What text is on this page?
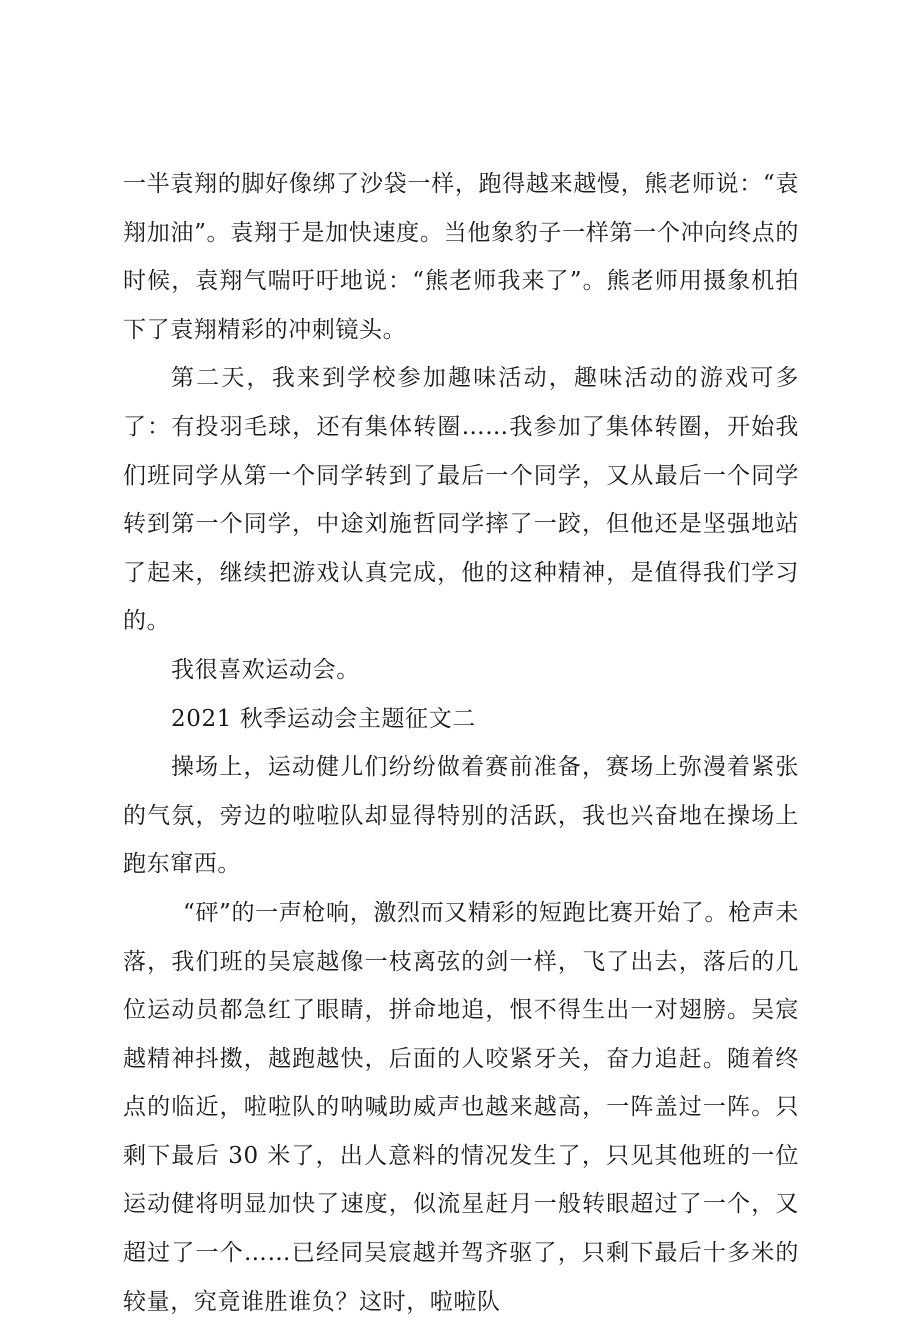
一半袁翔的脚好像绑了沙袋一样，跑得越来越慢，熊老师说：“袁翔加油”。袁翔于是加快速度。当他象豹子一样第一个冲向终点的时候，袁翔气喘吁吁地说：“熊老师我来了”。熊老师用摄象机拍下了袁翔精彩的冲刺镜头。

第二天，我来到学校参加趣味活动，趣味活动的游戏可多了：有投羽毛球，还有集体转圈……我参加了集体转圈，开始我们班同学从第一个同学转到了最后一个同学，又从最后一个同学转到第一个同学，中途刘施哲同学摔了一跤，但他还是坚强地站了起来，继续把游戏认真完成，他的这种精神，是值得我们学习的。

我很喜欢运动会。

2021 秋季运动会主题征文二

操场上，运动健儿们纷纷做着赛前准备，赛场上弥漫着紧张的气氛，旁边的啦啦队却显得特别的活跃，我也兴奋地在操场上跑东窜西。

“砰”的一声枪响，激烈而又精彩的短跑比赛开始了。枪声未落，我们班的吴宸越像一枝离弦的剑一样，飞了出去，落后的几位运动员都急红了眼睛，拼命地追，恨不得生出一对翅膀。吴宸越精神抖擞，越跑越快，后面的人咬紧牙关，奋力追赶。随着终点的临近，啦啦队的呐喊助威声也越来越高，一阵盖过一阵。只剩下最后 30 米了，出人意料的情况发生了，只见其他班的一位运动健将明显加快了速度，似流星赶月一般转眼超过了一个，又超过了一个……已经同吴宸越并驾齐驱了，只剩下最后十多米的较量，究竟谁胜谁负？这时，啦啦队
